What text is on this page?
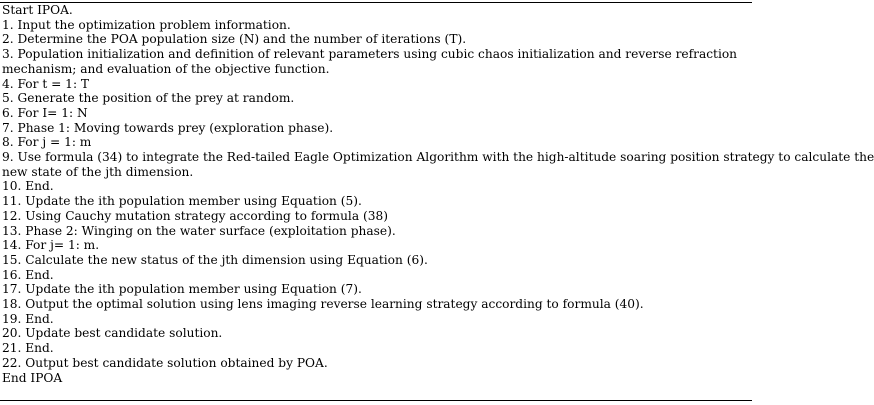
Start IPOA.
1. Input the optimization problem information.
2. Determine the POA population size (N) and the number of iterations (T).
3. Population initialization and definition of relevant parameters using cubic chaos initialization and reverse refraction
mechanism; and evaluation of the objective function.
4. For t = 1: T
5. Generate the position of the prey at random.
6. For I= 1: N
7. Phase 1: Moving towards prey (exploration phase).
8. For j = 1: m
9. Use formula (34) to integrate the Red-tailed Eagle Optimization Algorithm with the high-altitude soaring position strategy to calculate the
new state of the jth dimension.
10. End.
11. Update the ith population member using Equation (5).
12. Using Cauchy mutation strategy according to formula (38)
13. Phase 2: Winging on the water surface (exploitation phase).
14. For j= 1: m.
15. Calculate the new status of the jth dimension using Equation (6).
16. End.
17. Update the ith population member using Equation (7).
18. Output the optimal solution using lens imaging reverse learning strategy according to formula (40).
19. End.
20. Update best candidate solution.
21. End.
22. Output best candidate solution obtained by POA.
End IPOA
